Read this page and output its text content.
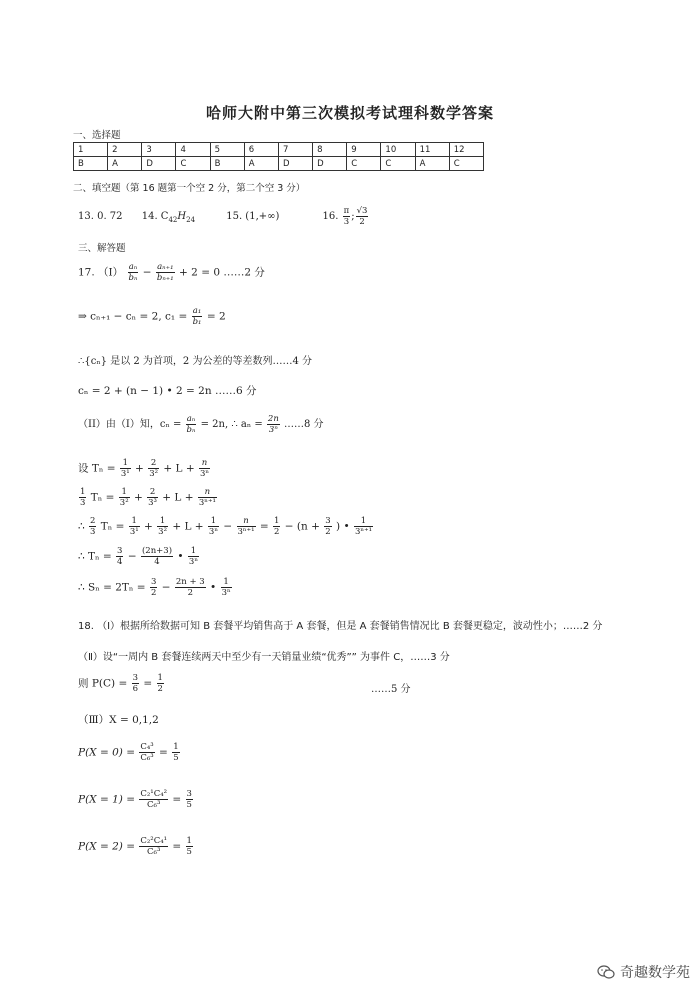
哈师大附中第三次模拟考试理科数学答案
一、选择题
1	2	3	4	5	6	7	8	9	10	11	12
B	A	D	C	B	A	D	D	C	C	A	C
二、填空题（第 16 题第一个空 2 分，第二个空 3 分）
13. 0. 72 14. $C_{42}H_{24}$	15. (1,+∞)	16. $\frac{\pi}{3}$ ; $\frac{√3}{2}$
三、解答题
17. $(I) \frac{\text{aₙ}}{\text{bₙ}} - \frac{\text{aₙ₊₁}}{\text{bₙ₊₁}} + 2 = 0$ ……2 分
⇒ cₙ₊₁ − cₙ = 2, $c_1 = \frac{\text{a₁}}{\text{b₁}} = 2$
∴{cₙ} 是以 2 为首项，2 为公差的等差数列……4 分
cₙ = 2 + (n − 1) • 2 = 2n ……6 分
（II）由（I）知，$c_n = \frac{\text{aₙ}}{\text{bₙ}} = 2n$, ∴ $a_n = \frac{2n}{\text{3ⁿ}}$ ……8 分
设 $T_n = \frac{1}{\text{3¹}} + \frac{2}{\text{3²}} + L + \frac{n}{\text{3ⁿ}}$
$\frac{1}{3}$ $T_n = \frac{1}{\text{3²}} + \frac{2}{\text{3³}} + L + \frac{n}{\text{3ⁿ⁺¹}}$
∴ $\frac{2}{3}$ $T_n = \frac{1}{\text{3¹}} + \frac{1}{\text{3²}} + L + \frac{1}{\text{3ⁿ}} - \frac{n}{\text{3ⁿ⁺¹}} = \frac{1}{2} - (n + \frac{3}{2}$ ) • $\frac{1}{\text{3ⁿ⁺¹}}$
∴ $T_n = \frac{3}{4} - \frac{(2n+3)}{4}$ • $\frac{1}{\text{3ⁿ}}$
∴ $S_n = 2T_n = \frac{3}{2} - \frac{2n + 3}{2}$ • $\frac{1}{\text{3ⁿ}}$
18. （Ⅰ）根据所给数据可知 B 套餐平均销售高于 A 套餐，但是 A 套餐销售情况比 B 套餐更稳定，波动性小；……2 分
（Ⅱ）设“一周内 B 套餐连续两天中至少有一天销量业绩“优秀”” 为事件 C，……3 分
则 $P(C) = \frac{3}{6} = \frac{1}{2}$	……5 分
（Ⅲ）X = 0,1,2
$P(X = 0) = \frac{\text{C₄³}}{\text{C₆³}} = \frac{1}{5}$
$P(X = 1) = \frac{\text{C₂¹C₄²}}{\text{C₆³}} = \frac{3}{5}$
$P(X = 2) = \frac{\text{C₂²C₄¹}}{\text{C₆³}} = \frac{1}{5}$
奇趣数学苑
